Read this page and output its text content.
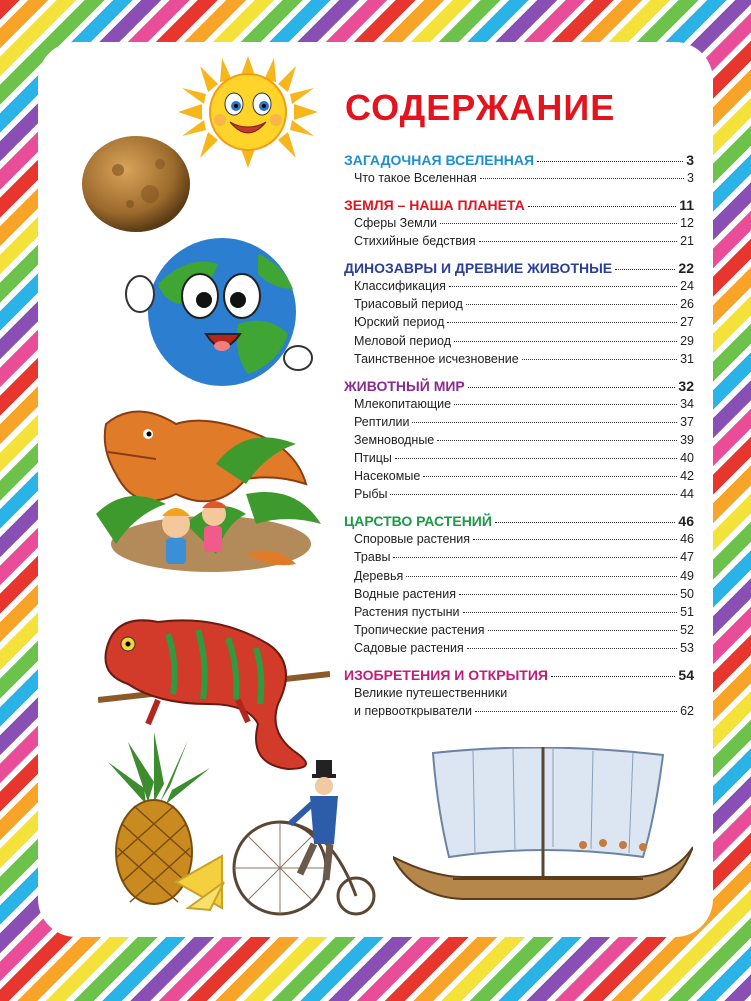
СОДЕРЖАНИЕ
ЗАГАДОЧНАЯ ВСЕЛЕННАЯ	3
Что такое Вселенная	3
ЗЕМЛЯ – НАША ПЛАНЕТА	11
Сферы Земли	12
Стихийные бедствия	21
ДИНОЗАВРЫ И ДРЕВНИЕ ЖИВОТНЫЕ	22
Классификация	24
Триасовый период	26
Юрский период	27
Меловой период	29
Таинственное исчезновение	31
ЖИВОТНЫЙ МИР	32
Млекопитающие	34
Рептилии	37
Земноводные	39
Птицы	40
Насекомые	42
Рыбы	44
ЦАРСТВО РАСТЕНИЙ	46
Споровые растения	46
Травы	47
Деревья	49
Водные растения	50
Растения пустыни	51
Тропические растения	52
Садовые растения	53
ИЗОБРЕТЕНИЯ И ОТКРЫТИЯ	54
Великие путешественники
и первооткрыватели	62
